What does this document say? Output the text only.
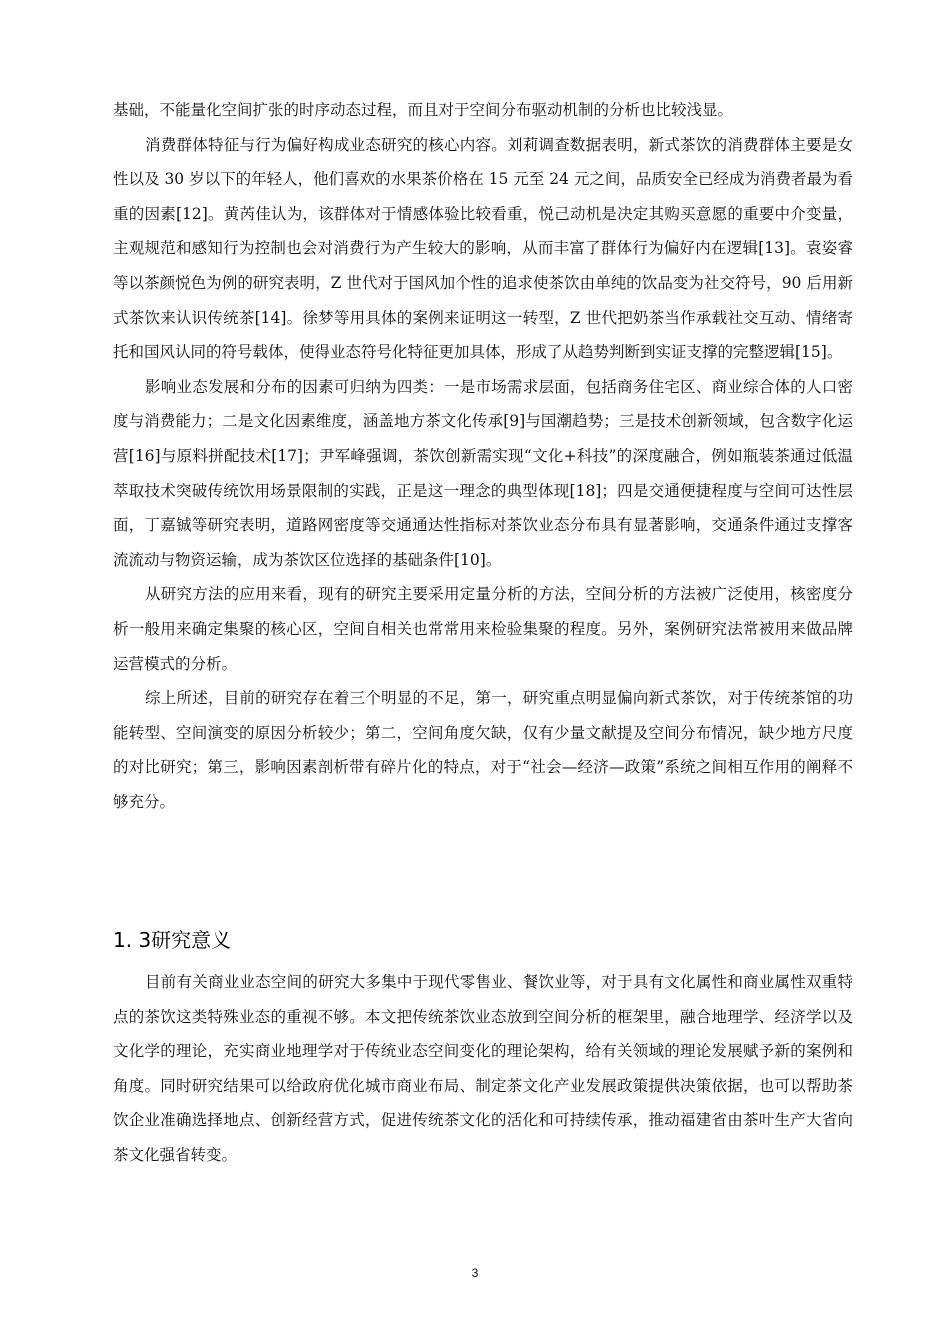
基础，不能量化空间扩张的时序动态过程，而且对于空间分布驱动机制的分析也比较浅显。

消费群体特征与行为偏好构成业态研究的核心内容。刘莉调查数据表明，新式茶饮的消费群体主要是女性以及 30 岁以下的年轻人，他们喜欢的水果茶价格在 15 元至 24 元之间，品质安全已经成为消费者最为看重的因素[12]。黄芮佳认为，该群体对于情感体验比较看重，悦己动机是决定其购买意愿的重要中介变量，主观规范和感知行为控制也会对消费行为产生较大的影响，从而丰富了群体行为偏好内在逻辑[13]。袁姿睿等以茶颜悦色为例的研究表明，Z 世代对于国风加个性的追求使茶饮由单纯的饮品变为社交符号，90 后用新式茶饮来认识传统茶[14]。徐梦等用具体的案例来证明这一转型，Z 世代把奶茶当作承载社交互动、情绪寄托和国风认同的符号载体，使得业态符号化特征更加具体，形成了从趋势判断到实证支撑的完整逻辑[15]。

影响业态发展和分布的因素可归纳为四类：一是市场需求层面，包括商务住宅区、商业综合体的人口密度与消费能力；二是文化因素维度，涵盖地方茶文化传承[9]与国潮趋势；三是技术创新领域，包含数字化运营[16]与原料拼配技术[17]；尹军峰强调，茶饮创新需实现“文化+科技”的深度融合，例如瓶装茶通过低温萃取技术突破传统饮用场景限制的实践，正是这一理念的典型体现[18]；四是交通便捷程度与空间可达性层面，丁嘉铖等研究表明，道路网密度等交通通达性指标对茶饮业态分布具有显著影响，交通条件通过支撑客流流动与物资运输，成为茶饮区位选择的基础条件[10]。

从研究方法的应用来看，现有的研究主要采用定量分析的方法，空间分析的方法被广泛使用，核密度分析一般用来确定集聚的核心区，空间自相关也常常用来检验集聚的程度。另外，案例研究法常被用来做品牌运营模式的分析。

综上所述，目前的研究存在着三个明显的不足，第一，研究重点明显偏向新式茶饮，对于传统茶馆的功能转型、空间演变的原因分析较少；第二，空间角度欠缺，仅有少量文献提及空间分布情况，缺少地方尺度的对比研究；第三，影响因素剖析带有碎片化的特点，对于“社会—经济—政策”系统之间相互作用的阐释不够充分。

1. 3研究意义

目前有关商业业态空间的研究大多集中于现代零售业、餐饮业等，对于具有文化属性和商业属性双重特点的茶饮这类特殊业态的重视不够。本文把传统茶饮业态放到空间分析的框架里，融合地理学、经济学以及文化学的理论，充实商业地理学对于传统业态空间变化的理论架构，给有关领域的理论发展赋予新的案例和角度。同时研究结果可以给政府优化城市商业布局、制定茶文化产业发展政策提供决策依据，也可以帮助茶饮企业准确选择地点、创新经营方式，促进传统茶文化的活化和可持续传承，推动福建省由茶叶生产大省向茶文化强省转变。

3
